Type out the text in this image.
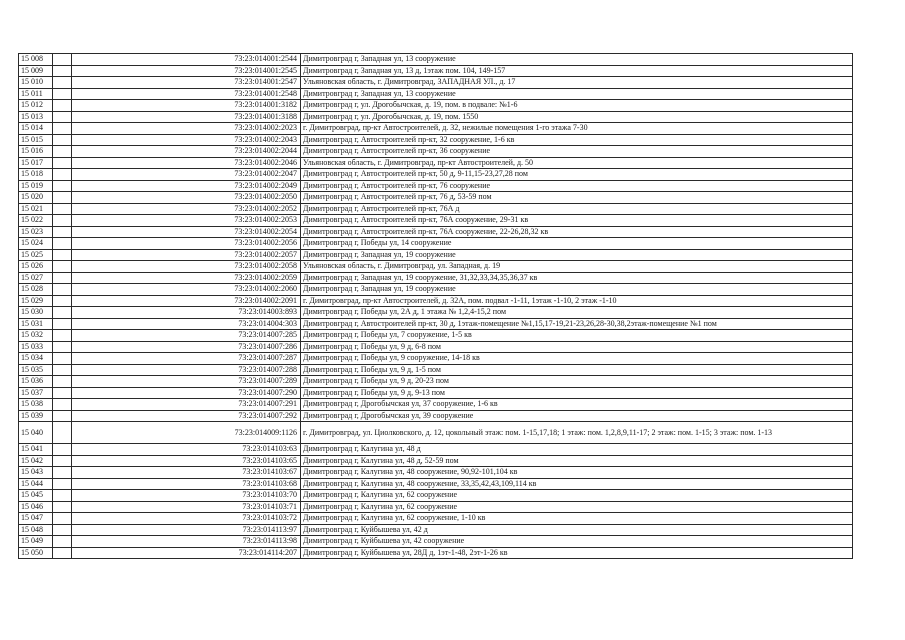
15 008		73:23:014001:2544	Димитровград г, Западная ул, 13 сооружение
15 009		73:23:014001:2545	Димитровград г, Западная ул, 13 д, 1этаж пом. 104, 149-157
15 010		73:23:014001:2547	Ульяновская область, г. Димитровград, ЗАПАДНАЯ УЛ., д. 17
15 011		73:23:014001:2548	Димитровград г, Западная ул, 13 сооружение
15 012		73:23:014001:3182	Димитровград г, ул. Дрогобычская, д. 19, пом. в подвале: №1-6
15 013		73:23:014001:3188	Димитровград г, ул. Дрогобычская, д. 19, пом. 1550
15 014		73:23:014002:2023	г. Димитровград, пр-кт Автостроителей, д. 32, нежилые помещения 1-го этажа 7-30
15 015		73:23:014002:2043	Димитровград г, Автостроителей пр-кт, 32 сооружение, 1-6 кв
15 016		73:23:014002:2044	Димитровград г, Автостроителей пр-кт, 36 сооружение
15 017		73:23:014002:2046	Ульяновская область, г. Димитровград, пр-кт Автостроителей, д. 50
15 018		73:23:014002:2047	Димитровград г, Автостроителей пр-кт, 50 д, 9-11,15-23,27,28 пом
15 019		73:23:014002:2049	Димитровград г, Автостроителей пр-кт, 76 сооружение
15 020		73:23:014002:2050	Димитровград г, Автостроителей пр-кт, 76 д, 53-59 пом
15 021		73:23:014002:2052	Димитровград г, Автостроителей пр-кт, 76А д
15 022		73:23:014002:2053	Димитровград г, Автостроителей пр-кт, 76А сооружение, 29-31 кв
15 023		73:23:014002:2054	Димитровград г, Автостроителей пр-кт, 76А сооружение, 22-26,28,32 кв
15 024		73:23:014002:2056	Димитровград г, Победы ул, 14 сооружение
15 025		73:23:014002:2057	Димитровград г, Западная ул, 19 сооружение
15 026		73:23:014002:2058	Ульяновская область, г. Димитровград, ул. Западная, д. 19
15 027		73:23:014002:2059	Димитровград г, Западная ул, 19 сооружение, 31,32,33,34,35,36,37 кв
15 028		73:23:014002:2060	Димитровград г, Западная ул, 19 сооружение
15 029		73:23:014002:2091	г. Димитровград, пр-кт Автостроителей, д. 32А, пом. подвал -1-11, 1этаж -1-10, 2 этаж -1-10
15 030		73:23:014003:893	Димитровград г, Победы ул, 2А д, 1 этажа № 1,2,4-15,2 пом
15 031		73:23:014004:303	Димитровград г, Автостроителей пр-кт, 30 д, 1этаж-помещение №1,15,17-19,21-23,26,28-30,38,2этаж-помещение №1 пом
15 032		73:23:014007:285	Димитровград г, Победы ул, 7 сооружение, 1-5 кв
15 033		73:23:014007:286	Димитровград г, Победы ул, 9 д, 6-8 пом
15 034		73:23:014007:287	Димитровград г, Победы ул, 9 сооружение, 14-18 кв
15 035		73:23:014007:288	Димитровград г, Победы ул, 9 д, 1-5 пом
15 036		73:23:014007:289	Димитровград г, Победы ул, 9 д, 20-23 пом
15 037		73:23:014007:290	Димитровград г, Победы ул, 9 д, 9-13 пом
15 038		73:23:014007:291	Димитровград г, Дрогобычская ул, 37 сооружение, 1-6 кв
15 039		73:23:014007:292	Димитровград г, Дрогобычская ул, 39 сооружение
15 040		73:23:014009:1126	г. Димитровград, ул. Циолковского, д. 12, цокольный этаж: пом. 1-15,17,18; 1 этаж: пом. 1,2,8,9,11-17; 2 этаж: пом. 1-15; 3 этаж: пом. 1-13
15 041		73:23:014103:63	Димитровград г, Калугина ул, 48 д
15 042		73:23:014103:65	Димитровград г, Калугина ул, 48 д, 52-59 пом
15 043		73:23:014103:67	Димитровград г, Калугина ул, 48 сооружение, 90,92-101,104 кв
15 044		73:23:014103:68	Димитровград г, Калугина ул, 48 сооружение, 33,35,42,43,109,114 кв
15 045		73:23:014103:70	Димитровград г, Калугина ул, 62 сооружение
15 046		73:23:014103:71	Димитровград г, Калугина ул, 62 сооружение
15 047		73:23:014103:72	Димитровград г, Калугина ул, 62 сооружение, 1-10 кв
15 048		73:23:014113:97	Димитровград г, Куйбышева ул, 42 д
15 049		73:23:014113:98	Димитровград г, Куйбышева ул, 42 сооружение
15 050		73:23:014114:207	Димитровград г, Куйбышева ул, 28Д д, 1эт-1-48, 2эт-1-26 кв
